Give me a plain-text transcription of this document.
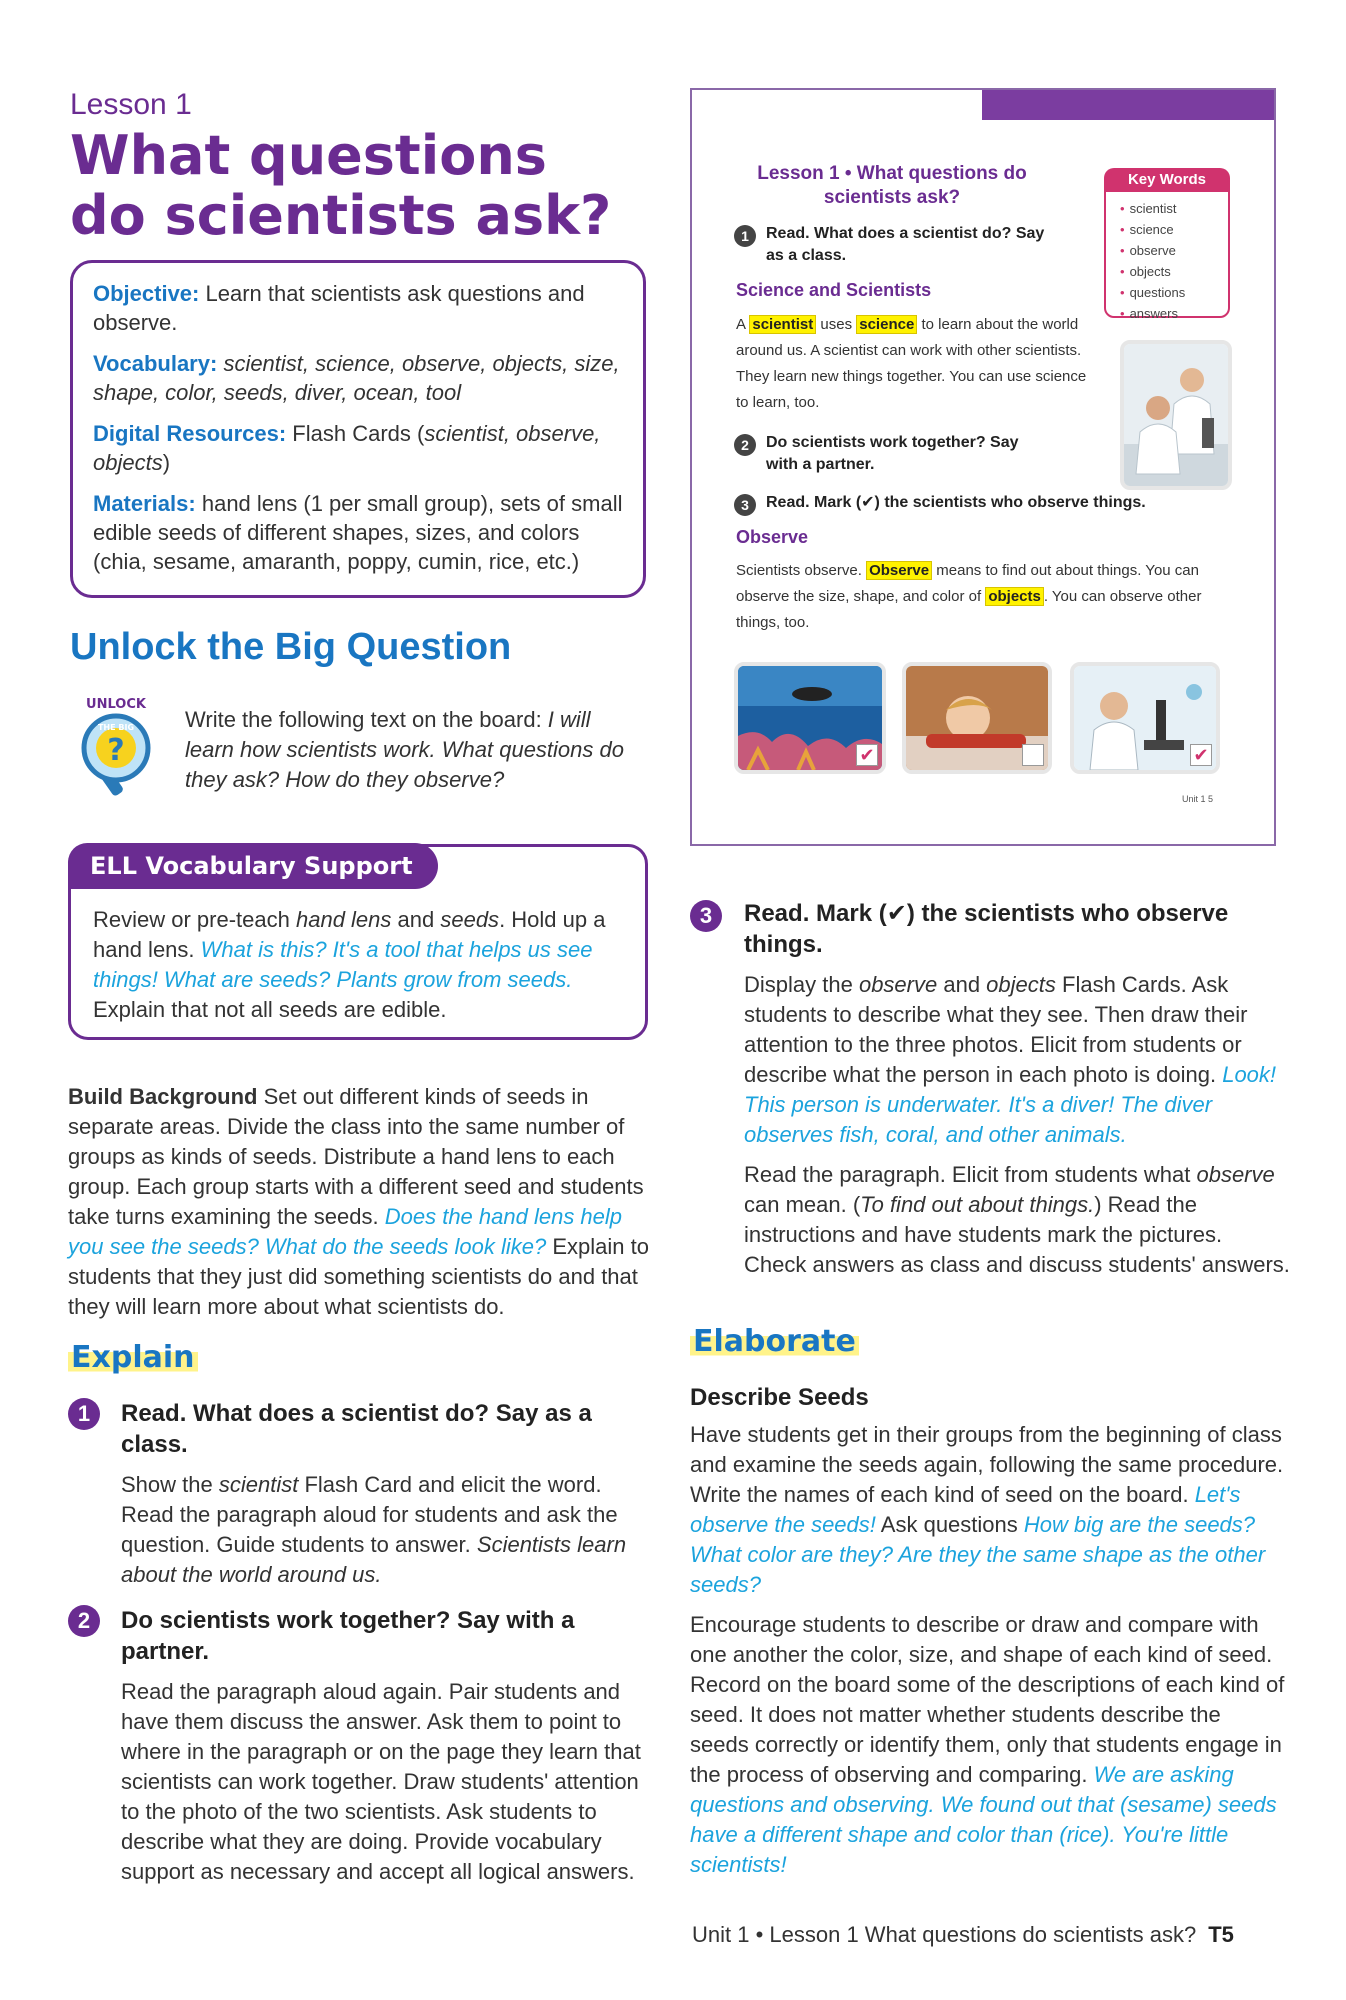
Lesson 1
What questions do scientists ask?

Objective: Learn that scientists ask questions and observe.

Vocabulary: scientist, science, observe, objects, size, shape, color, seeds, diver, ocean, tool

Digital Resources: Flash Cards (scientist, observe, objects)

Materials: hand lens (1 per small group), sets of small edible seeds of different shapes, sizes, and colors (chia, sesame, amaranth, poppy, cumin, rice, etc.)

Unlock the Big Question
?
UNLOCK
THE BIG Write the following text on the board: I will learn how scientists work. What questions do they ask? How do they observe?
Review or pre-teach hand lens and seeds. Hold up a hand lens. What is this? It's a tool that helps us see things! What are seeds? Plants grow from seeds. Explain that not all seeds are edible.
ELL Vocabulary Support
Build Background Set out different kinds of seeds in separate areas. Divide the class into the same number of groups as kinds of seeds. Distribute a hand lens to each group. Each group starts with a different seed and students take turns examining the seeds. Does the hand lens help you see the seeds? What do the seeds look like? Explain to students that they just did something scientists do and that they will learn more about what scientists do.
Explain
1	Read. What does a scientist do? Say as a class.
Show the scientist Flash Card and elicit the word. Read the paragraph aloud for students and ask the question. Guide students to answer. Scientists learn about the world around us.
2	Do scientists work together? Say with a partner.
Read the paragraph aloud again. Pair students and have them discuss the answer. Ask them to point to where in the paragraph or on the page they learn that scientists can work together. Draw students' attention to the photo of the two scientists. Ask students to describe what they are doing. Provide vocabulary support as necessary and accept all logical answers.
Lesson 1 • What questions do scientists ask?
1	Read. What does a scientist do? Say as a class.
Science and Scientists
A scientist uses science to learn about the world around us. A scientist can work with other scientists. They learn new things together. You can use science to learn, too.
2	Do scientists work together? Say with a partner.
Key Words
• scientist
• science
• observe
• objects
• questions
• answers
3	Read. Mark (✔) the scientists who observe things.
Observe
Scientists observe. Observe means to find out about things. You can observe the size, shape, and color of objects . You can observe other things, too.
✔	✔
Unit 1 5
3	Read. Mark (✔) the scientists who observe things.
Display the observe and objects Flash Cards. Ask students to describe what they see. Then draw their attention to the three photos. Elicit from students or describe what the person in each photo is doing. Look! This person is underwater. It's a diver! The diver observes fish, coral, and other animals.
Read the paragraph. Elicit from students what observe can mean. (To find out about things.) Read the instructions and have students mark the pictures. Check answers as class and discuss students' answers.
Elaborate
Describe Seeds

Have students get in their groups from the beginning of class and examine the seeds again, following the same procedure. Write the names of each kind of seed on the board. Let's observe the seeds! Ask questions How big are the seeds? What color are they? Are they the same shape as the other seeds?

Encourage students to describe or draw and compare with one another the color, size, and shape of each kind of seed. Record on the board some of the descriptions of each kind of seed. It does not matter whether students describe the seeds correctly or identify them, only that students engage in the process of observing and comparing. We are asking questions and observing. We found out that (sesame) seeds have a different shape and color than (rice). You're little scientists!

Unit 1 • Lesson 1 What questions do scientists ask? T5
